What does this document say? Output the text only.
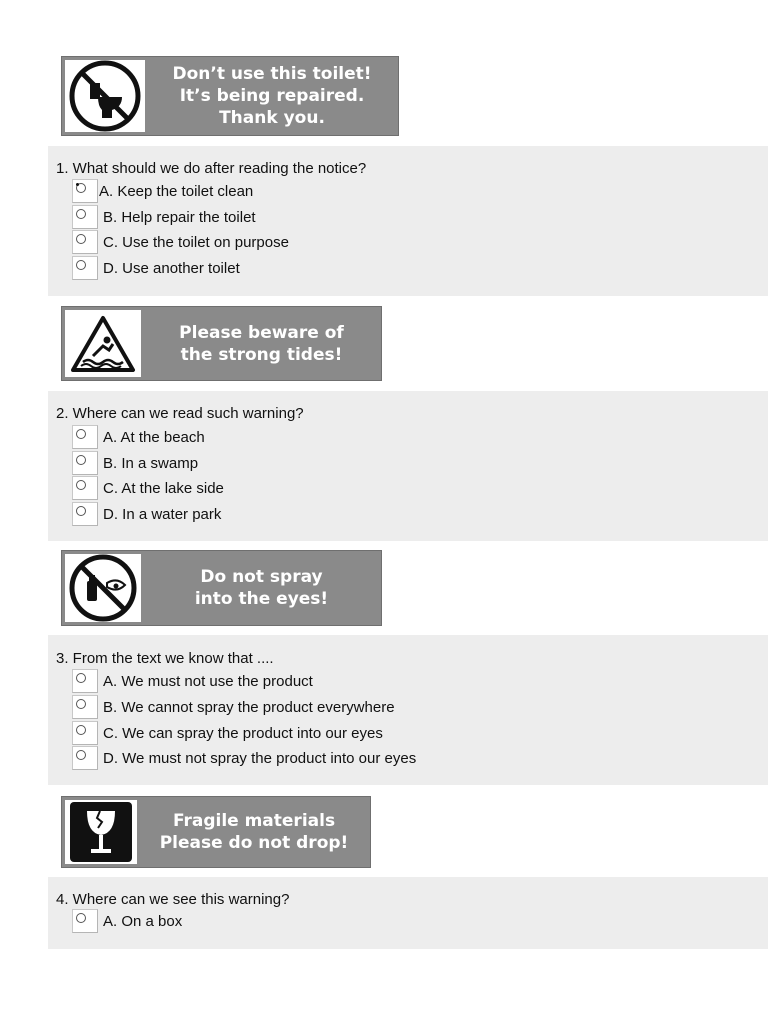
Don’t use this toilet!
It’s being repaired.
Thank you.
1. What should we do after reading the notice?
A. Keep the toilet clean
B. Help repair the toilet
C. Use the toilet on purpose
D. Use another toilet
Please beware of
the strong tides!
2. Where can we read such warning?
A. At the beach
B. In a swamp
C. At the lake side
D. In a water park
Do not spray
into the eyes!
3. From the text we know that ....
A. We must not use the product
B. We cannot spray the product everywhere
C. We can spray the product into our eyes
D. We must not spray the product into our eyes
Fragile materials
Please do not drop!
4. Where can we see this warning?
A. On a box
